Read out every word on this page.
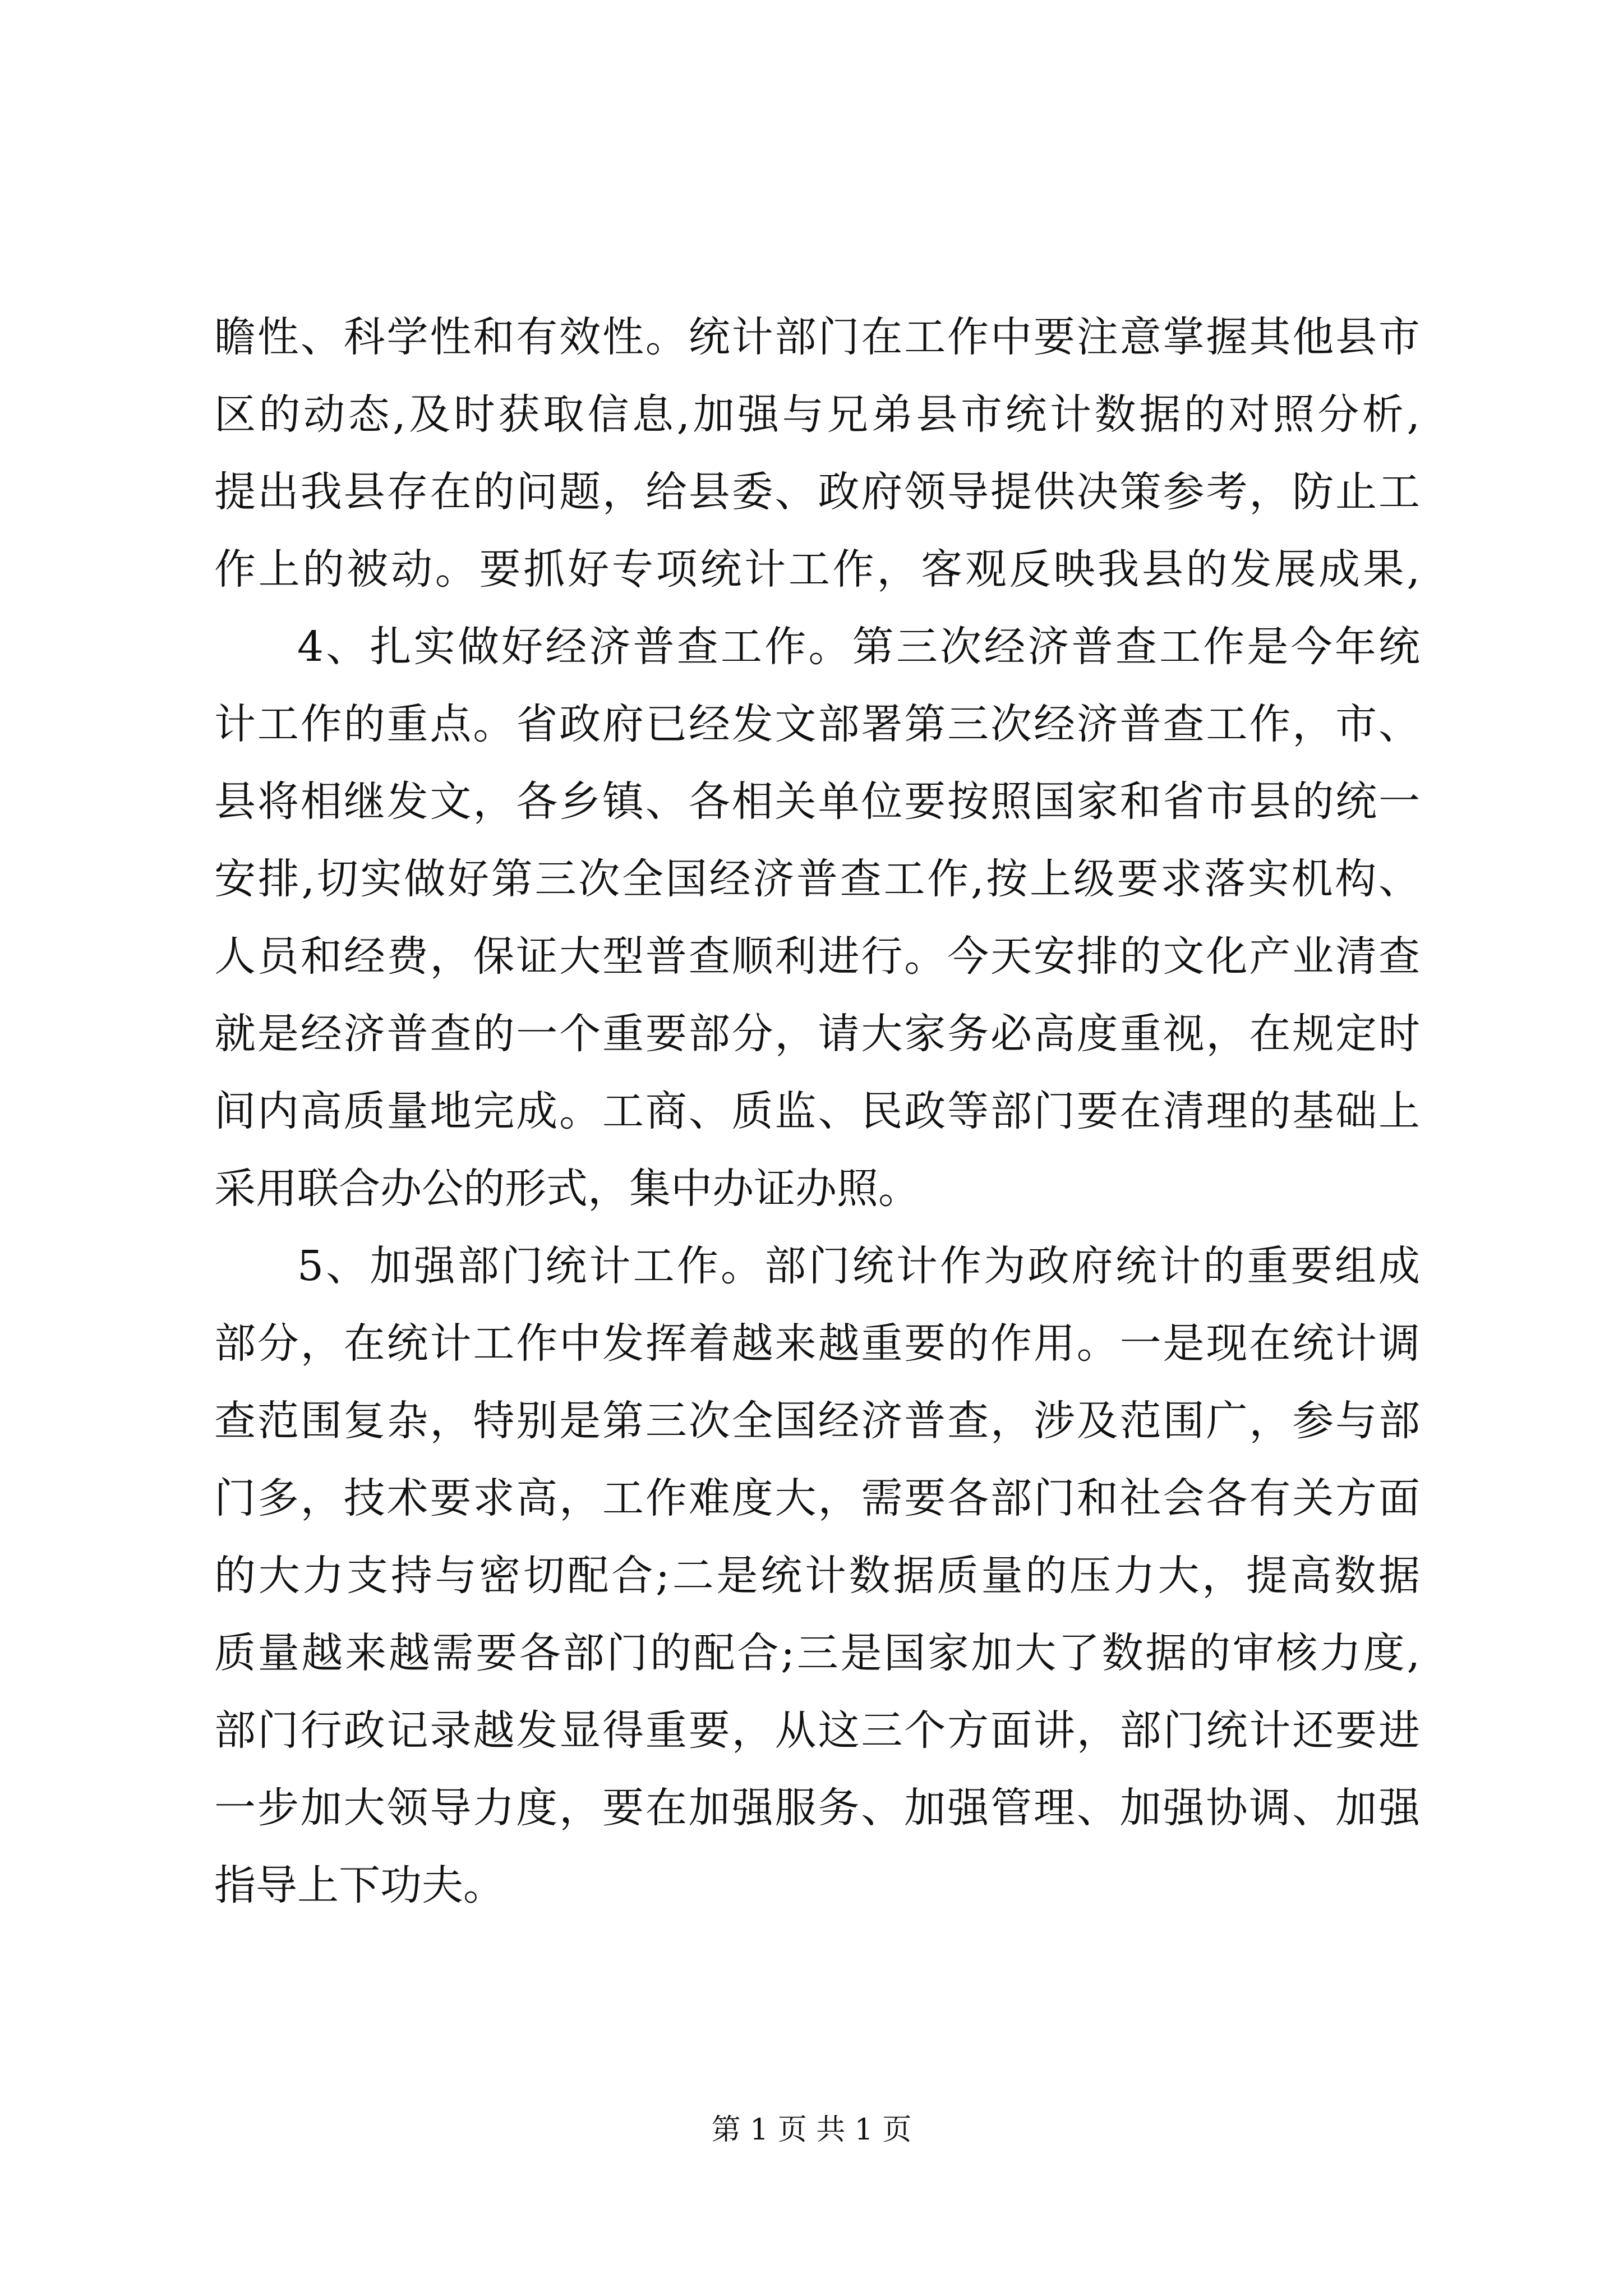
瞻性、科学性和有效性。统计部门在工作中要注意掌握其他县市
区的动态,及时获取信息,加强与兄弟县市统计数据的对照分析,
提出我县存在的问题，给县委、政府领导提供决策参考，防止工
作上的被动。要抓好专项统计工作，客观反映我县的发展成果,
4、扎实做好经济普查工作。第三次经济普查工作是今年统
计工作的重点。省政府已经发文部署第三次经济普查工作，市、
县将相继发文，各乡镇、各相关单位要按照国家和省市县的统一
安排,切实做好第三次全国经济普查工作,按上级要求落实机构、
人员和经费，保证大型普查顺利进行。今天安排的文化产业清查
就是经济普查的一个重要部分，请大家务必高度重视，在规定时
间内高质量地完成。工商、质监、民政等部门要在清理的基础上
采用联合办公的形式，集中办证办照。
5、加强部门统计工作。部门统计作为政府统计的重要组成
部分，在统计工作中发挥着越来越重要的作用。一是现在统计调
查范围复杂，特别是第三次全国经济普查，涉及范围广，参与部
门多，技术要求高，工作难度大，需要各部门和社会各有关方面
的大力支持与密切配合;二是统计数据质量的压力大，提高数据
质量越来越需要各部门的配合;三是国家加大了数据的审核力度,
部门行政记录越发显得重要，从这三个方面讲，部门统计还要进
一步加大领导力度，要在加强服务、加强管理、加强协调、加强
指导上下功夫。
第 1 页 共 1 页
